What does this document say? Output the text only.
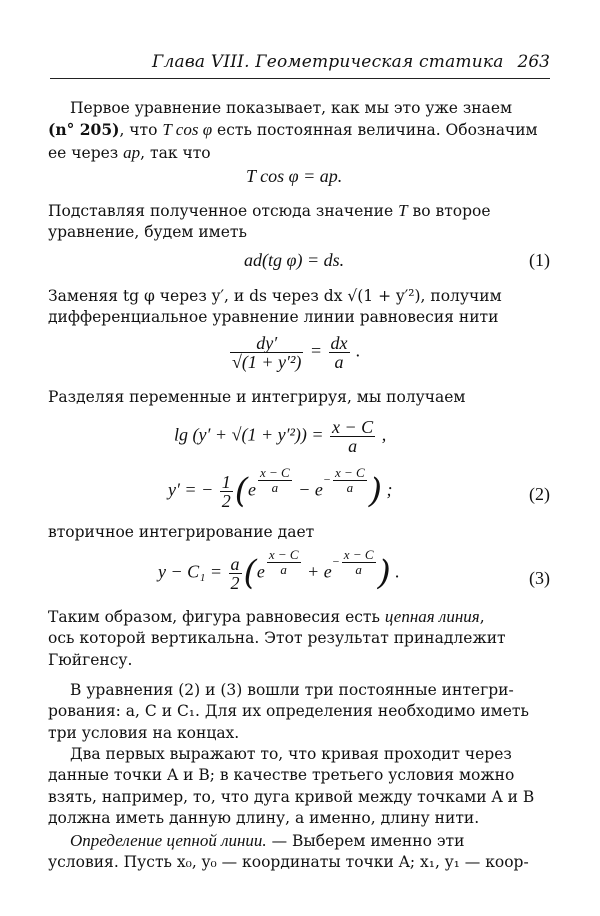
Глава VIII. Геометрическая статика 263
Первое уравнение показывает, как мы это уже знаем
(n° 205), что T cos φ есть постоянная величина. Обозначим
ее через ap, так что
T cos φ = ap.
Подставляя полученное отсюда значение T во второе
уравнение, будем иметь
ad(tg φ) = ds.	(1)
Заменяя tg φ через y′, и ds через dx √(1 + y′²), получим
дифференциальное уравнение линии равновесия нити
$\frac{dy'}{\text{√(1 + y′²)}} = \frac{dx}{a}$ .
Разделяя переменные и интегрируя, мы получаем
$\lg (y' + √(1 + y'^2)) = \frac{x - C}{a}$ ,
y′ = − $\frac{1}{2} (e \frac{x - C}{a} - e- \frac{x - C}{a}$ ) ;	(2)
вторичное интегрирование дает
$y - C_1 = \frac{a}{2} (e \frac{x - C}{a} + e- \frac{x - C}{a}$ ) .	(3)
Таким образом, фигура равновесия есть цепная линия,
ось которой вертикальна. Этот результат принадлежит
Гюйгенсу.
В уравнения (2) и (3) вошли три постоянные интегри-
рования: a, C и C₁. Для их определения необходимо иметь
три условия на концах.
Два первых выражают то, что кривая проходит через
данные точки A и B; в качестве третьего условия можно
взять, например, то, что дуга кривой между точками A и B
должна иметь данную длину, а именно, длину нити.
Определение цепной линии. — Выберем именно эти
условия. Пусть x₀, y₀ — координаты точки A; x₁, y₁ — коор-
